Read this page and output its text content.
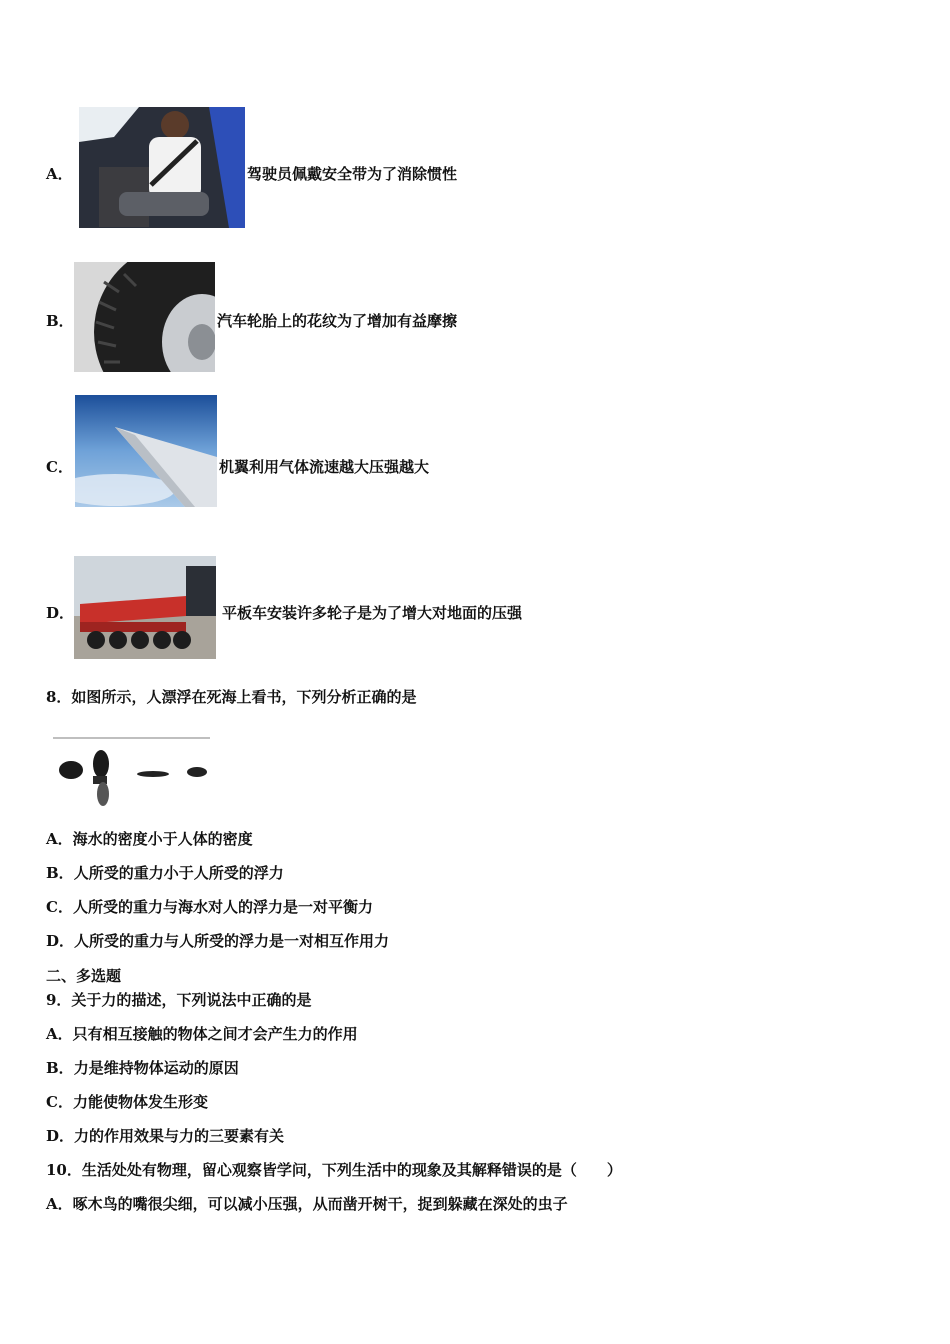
A．	驾驶员佩戴安全带为了消除惯性
B．	汽车轮胎上的花纹为了增加有益摩擦
C．	机翼利用气体流速越大压强越大
D．	平板车安装许多轮子是为了增大对地面的压强
8．如图所示，人漂浮在死海上看书，下列分析正确的是
A．海水的密度小于人体的密度
B．人所受的重力小于人所受的浮力
C．人所受的重力与海水对人的浮力是一对平衡力
D．人所受的重力与人所受的浮力是一对相互作用力
二、多选题
9．关于力的描述，下列说法中正确的是
A．只有相互接触的物体之间才会产生力的作用
B．力是维持物体运动的原因
C．力能使物体发生形变
D．力的作用效果与力的三要素有关
10．生活处处有物理，留心观察皆学问，下列生活中的现象及其解释错误的是（　　）
A．啄木鸟的嘴很尖细，可以减小压强，从而凿开树干，捉到躲藏在深处的虫子
